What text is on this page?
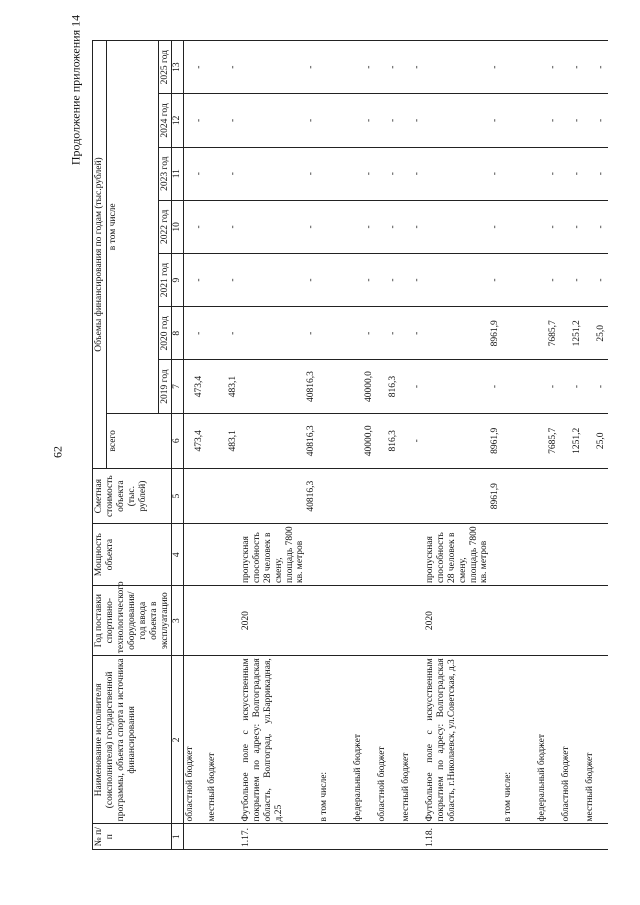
62
Продолжение приложения 14
№ п/п	Наименование исполнителя (соисполнителя) государственной программы, объекта спорта и источника финансирования	Год поставки спортивно-технологического оборудования/ год ввода объекта в эксплуатацию	Мощность объекта	Сметная стоимость объекта (тыс. рублей)	Объемы финансирования по годам (тыс.рублей)							
					всего	в том числе						
						2019 год	2020 год	2021 год	2022 год	2023 год	2024 год	2025 год
1	2	3	4	5	6	7	8	9	10	11	12	13
	областной бюджет				473,4	473,4	-	-	-	-	-	-
	местный бюджет				483,1	483,1	-	-	-	-	-	-
1.17.	Футбольное поле с искусственным покрытием по адресу: Волгоградская область, Волгоград, ул.Баррикадная, д.25	2020	пропускная способность 28 человек в смену, площадь 7800 кв. метров	40816,3	40816,3	40816,3	-	-	-	-	-	-
	в том числе:											
	федеральный бюджет				40000,0	40000,0	-	-	-	-	-	-
	областной бюджет				816,3	816,3	-	-	-	-	-	-
	местный бюджет				-	-	-	-	-	-	-	-
1.18.	Футбольное поле с искусственным покрытием по адресу: Волгоградская область, г.Николаевск, ул.Советская, д.3	2020	пропускная способность 28 человек в смену, площадь 7800 кв. метров	8961,9	8961,9	-	8961,9	-	-	-	-	-
	в том числе:											
	федеральный бюджет				7685,7	-	7685,7	-	-	-	-	-
	областной бюджет				1251,2	-	1251,2	-	-	-	-	-
	местный бюджет				25,0	-	25,0	-	-	-	-	-
